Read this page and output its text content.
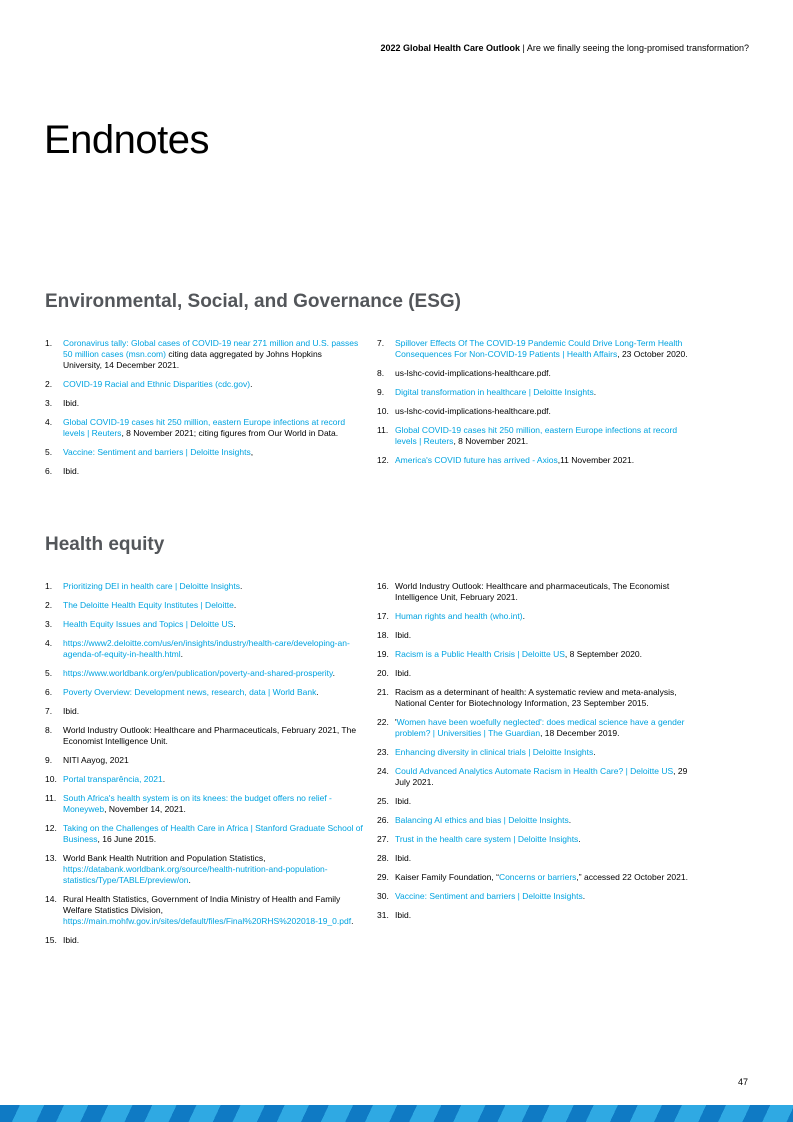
2022 Global Health Care Outlook | Are we finally seeing the long-promised transformation?
Endnotes
Environmental, Social, and Governance (ESG)
1. Coronavirus tally: Global cases of COVID-19 near 271 million and U.S. passes 50 million cases (msn.com) citing data aggregated by Johns Hopkins University, 14 December 2021.
2. COVID-19 Racial and Ethnic Disparities (cdc.gov).
3. Ibid.
4. Global COVID-19 cases hit 250 million, eastern Europe infections at record levels | Reuters, 8 November 2021; citing figures from Our World in Data.
5. Vaccine: Sentiment and barriers | Deloitte Insights,
6. Ibid.
7. Spillover Effects Of The COVID-19 Pandemic Could Drive Long-Term Health Consequences For Non-COVID-19 Patients | Health Affairs, 23 October 2020.
8. us-lshc-covid-implications-healthcare.pdf.
9. Digital transformation in healthcare | Deloitte Insights.
10. us-lshc-covid-implications-healthcare.pdf.
11. Global COVID-19 cases hit 250 million, eastern Europe infections at record levels | Reuters, 8 November 2021.
12. America's COVID future has arrived - Axios,11 November 2021.
Health equity
1. Prioritizing DEI in health care | Deloitte Insights.
2. The Deloitte Health Equity Institutes | Deloitte.
3. Health Equity Issues and Topics | Deloitte US.
4. https://www2.deloitte.com/us/en/insights/industry/health-care/developing-an-agenda-of-equity-in-health.html.
5. https://www.worldbank.org/en/publication/poverty-and-shared-prosperity.
6. Poverty Overview: Development news, research, data | World Bank.
7. Ibid.
8. World Industry Outlook: Healthcare and Pharmaceuticals, February 2021, The Economist Intelligence Unit.
9. NITI Aayog, 2021
10. Portal transparência, 2021.
11. South Africa's health system is on its knees: the budget offers no relief - Moneyweb, November 14, 2021.
12. Taking on the Challenges of Health Care in Africa | Stanford Graduate School of Business, 16 June 2015.
13. World Bank Health Nutrition and Population Statistics, https://databank.worldbank.org/source/health-nutrition-and-population-statistics/Type/TABLE/preview/on.
14. Rural Health Statistics, Government of India Ministry of Health and Family Welfare Statistics Division, https://main.mohfw.gov.in/sites/default/files/Final%20RHS%202018-19_0.pdf.
15. Ibid.
16. World Industry Outlook: Healthcare and pharmaceuticals, The Economist Intelligence Unit, February 2021.
17. Human rights and health (who.int).
18. Ibid.
19. Racism is a Public Health Crisis | Deloitte US, 8 September 2020.
20. Ibid.
21. Racism as a determinant of health: A systematic review and meta-analysis, National Center for Biotechnology Information, 23 September 2015.
22. 'Women have been woefully neglected': does medical science have a gender problem? | Universities | The Guardian, 18 December 2019.
23. Enhancing diversity in clinical trials | Deloitte Insights.
24. Could Advanced Analytics Automate Racism in Health Care? | Deloitte US, 29 July 2021.
25. Ibid.
26. Balancing AI ethics and bias | Deloitte Insights.
27. Trust in the health care system | Deloitte Insights.
28. Ibid.
29. Kaiser Family Foundation, “Concerns or barriers,” accessed 22 October 2021.
30. Vaccine: Sentiment and barriers | Deloitte Insights.
31. Ibid.
47
